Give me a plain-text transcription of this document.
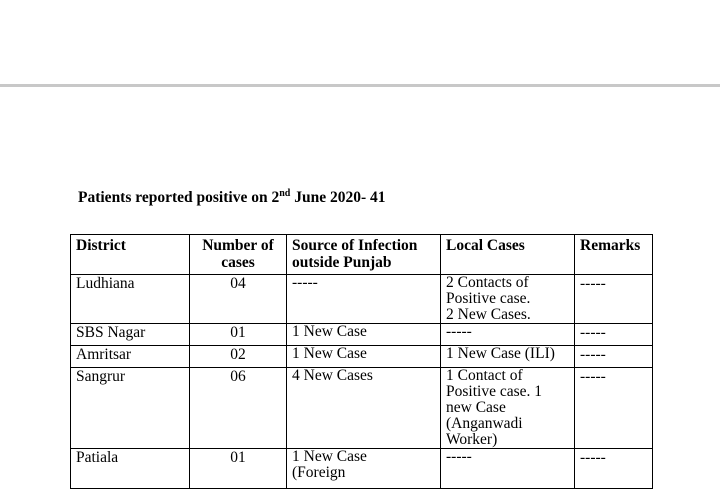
Patients reported positive on 2nd June 2020- 41
District	Number of cases	Source of Infection outside Punjab	Local Cases	Remarks
Ludhiana	04	-----	2 Contacts of
Positive case.
2 New Cases.	-----
SBS Nagar	01	1 New Case	-----	-----
Amritsar	02	1 New Case	1 New Case (ILI)	-----
Sangrur	06	4 New Cases	1 Contact of
Positive case. 1
new Case
(Anganwadi
Worker)	-----
Patiala	01	1 New Case
(Foreign	-----	-----
